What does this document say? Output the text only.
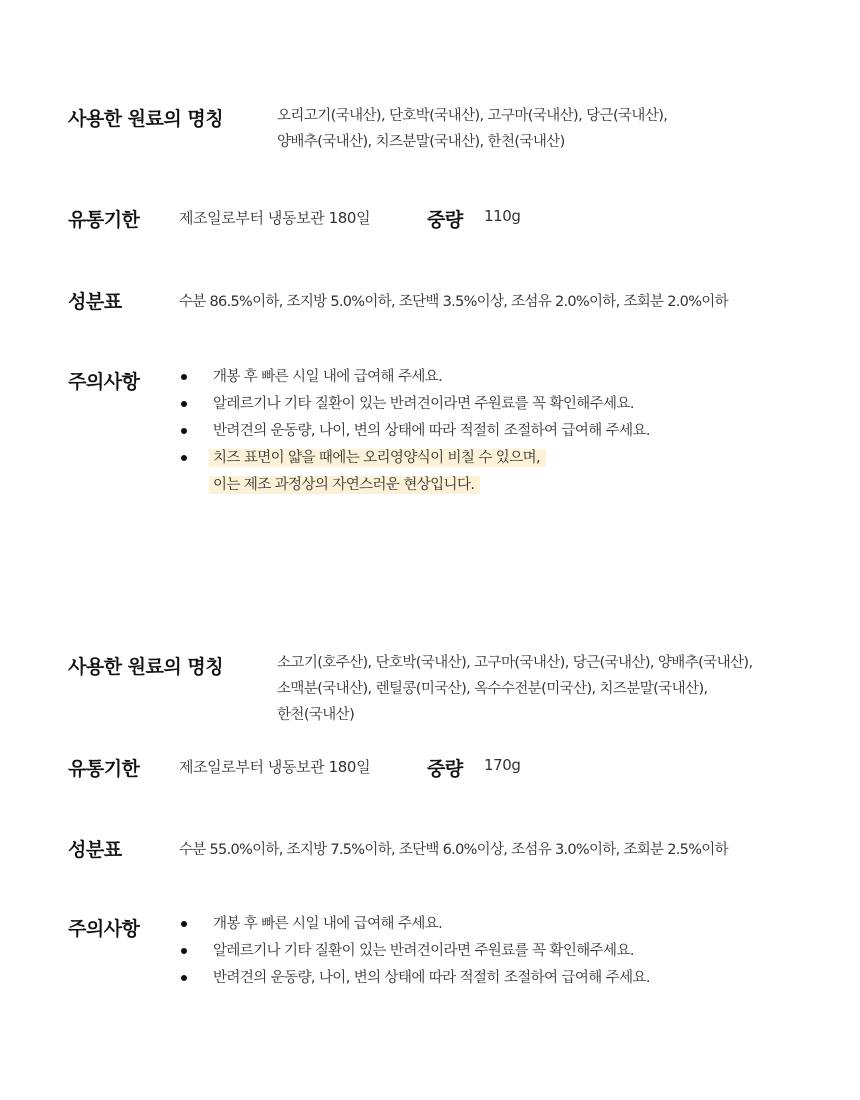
사용한 원료의 명칭	오리고기(국내산), 단호박(국내산), 고구마(국내산), 당근(국내산),
양배추(국내산), 치즈분말(국내산), 한천(국내산)
유통기한	제조일로부터 냉동보관 180일	중량 110g
성분표	수분 86.5%이하, 조지방 5.0%이하, 조단백 3.5%이상, 조섬유 2.0%이하, 조회분 2.0%이하
주의사항	개봉 후 빠른 시일 내에 급여해 주세요.
알레르기나 기타 질환이 있는 반려견이라면 주원료를 꼭 확인해주세요.
반려견의 운동량, 나이, 변의 상태에 따라 적절히 조절하여 급여해 주세요.
치즈 표면이 얇을 때에는 오리영양식이 비칠 수 있으며,
이는 제조 과정상의 자연스러운 현상입니다.
사용한 원료의 명칭	소고기(호주산), 단호박(국내산), 고구마(국내산), 당근(국내산), 양배추(국내산),
소맥분(국내산), 렌틸콩(미국산), 옥수수전분(미국산), 치즈분말(국내산),
한천(국내산)
유통기한	제조일로부터 냉동보관 180일	중량 170g
성분표	수분 55.0%이하, 조지방 7.5%이하, 조단백 6.0%이상, 조섬유 3.0%이하, 조회분 2.5%이하
주의사항	개봉 후 빠른 시일 내에 급여해 주세요.
알레르기나 기타 질환이 있는 반려견이라면 주원료를 꼭 확인해주세요.
반려견의 운동량, 나이, 변의 상태에 따라 적절히 조절하여 급여해 주세요.
